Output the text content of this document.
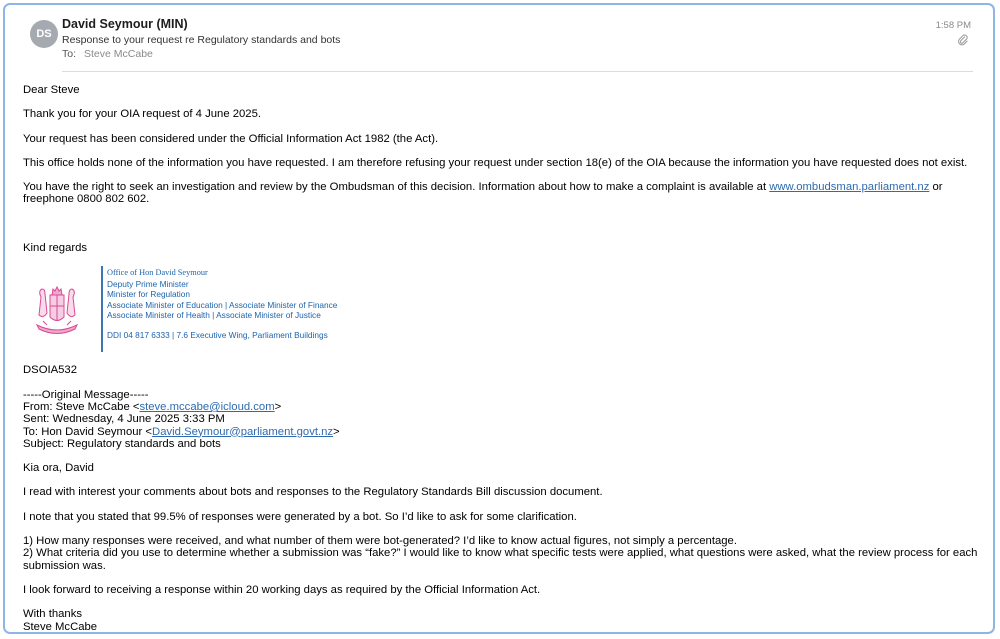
DS
David Seymour (MIN)
Response to your request re Regulatory standards and bots
To: Steve McCabe
1:58 PM

Dear Steve

Thank you for your OIA request of 4 June 2025.

Your request has been considered under the Official Information Act 1982 (the Act).

This office holds none of the information you have requested. I am therefore refusing your request under section 18(e) of the OIA because the information you have requested does not exist.

You have the right to seek an investigation and review by the Ombudsman of this decision. Information about how to make a complaint is available at www.ombudsman.parliament.nz or freephone 0800 802 602.

Kind regards

Office of Hon David Seymour
Deputy Prime Minister
Minister for Regulation
Associate Minister of Education | Associate Minister of Finance
Associate Minister of Health | Associate Minister of Justice
DDI 04 817 6333 | 7.6 Executive Wing, Parliament Buildings

DSOIA532

-----Original Message-----
From: Steve McCabe <steve.mccabe@icloud.com>
Sent: Wednesday, 4 June 2025 3:33 PM
To: Hon David Seymour <David.Seymour@parliament.govt.nz>
Subject: Regulatory standards and bots

Kia ora, David

I read with interest your comments about bots and responses to the Regulatory Standards Bill discussion document.

I note that you stated that 99.5% of responses were generated by a bot. So I’d like to ask for some clarification.

1) How many responses were received, and what number of them were bot-generated? I’d like to know actual figures, not simply a percentage.
2) What criteria did you use to determine whether a submission was “fake?” I would like to know what specific tests were applied, what questions were asked, what the review process for each submission was.

I look forward to receiving a response within 20 working days as required by the Official Information Act.

With thanks
Steve McCabe
